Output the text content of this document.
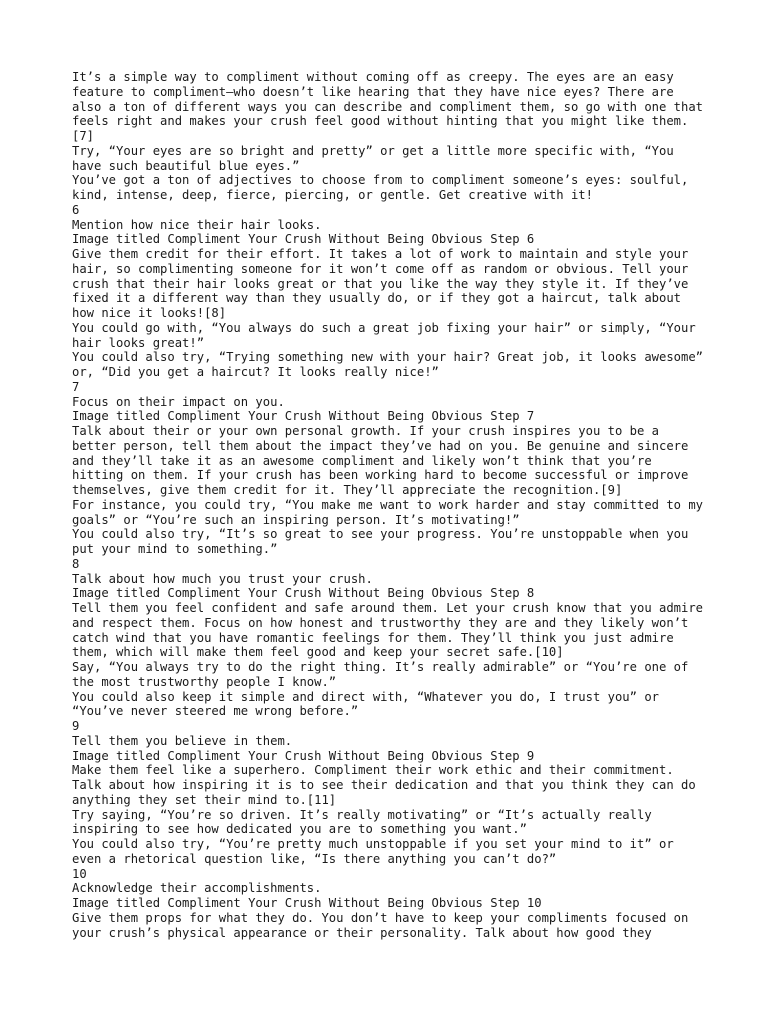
It’s a simple way to compliment without coming off as creepy. The eyes are an easy feature to compliment—who doesn’t like hearing that they have nice eyes? There are also a ton of different ways you can describe and compliment them, so go with one that feels right and makes your crush feel good without hinting that you might like them.[7]

Try, “Your eyes are so bright and pretty” or get a little more specific with, “You have such beautiful blue eyes.”

You’ve got a ton of adjectives to choose from to compliment someone’s eyes: soulful, kind, intense, deep, fierce, piercing, or gentle. Get creative with it!

6

Mention how nice their hair looks.

Image titled Compliment Your Crush Without Being Obvious Step 6

Give them credit for their effort. It takes a lot of work to maintain and style your hair, so complimenting someone for it won’t come off as random or obvious. Tell your crush that their hair looks great or that you like the way they style it. If they’ve fixed it a different way than they usually do, or if they got a haircut, talk about how nice it looks![8]

You could go with, “You always do such a great job fixing your hair” or simply, “Your hair looks great!”

You could also try, “Trying something new with your hair? Great job, it looks awesome” or, “Did you get a haircut? It looks really nice!”

7

Focus on their impact on you.

Image titled Compliment Your Crush Without Being Obvious Step 7

Talk about their or your own personal growth. If your crush inspires you to be a better person, tell them about the impact they’ve had on you. Be genuine and sincere and they’ll take it as an awesome compliment and likely won’t think that you’re hitting on them. If your crush has been working hard to become successful or improve themselves, give them credit for it. They’ll appreciate the recognition.[9]

For instance, you could try, “You make me want to work harder and stay committed to my goals” or “You’re such an inspiring person. It’s motivating!”

You could also try, “It’s so great to see your progress. You’re unstoppable when you put your mind to something.”

8

Talk about how much you trust your crush.

Image titled Compliment Your Crush Without Being Obvious Step 8

Tell them you feel confident and safe around them. Let your crush know that you admire and respect them. Focus on how honest and trustworthy they are and they likely won’t catch wind that you have romantic feelings for them. They’ll think you just admire them, which will make them feel good and keep your secret safe.[10]

Say, “You always try to do the right thing. It’s really admirable” or “You’re one of the most trustworthy people I know.”

You could also keep it simple and direct with, “Whatever you do, I trust you” or “You’ve never steered me wrong before.”

9

Tell them you believe in them.

Image titled Compliment Your Crush Without Being Obvious Step 9

Make them feel like a superhero. Compliment their work ethic and their commitment. Talk about how inspiring it is to see their dedication and that you think they can do anything they set their mind to.[11]

Try saying, “You’re so driven. It’s really motivating” or “It’s actually really inspiring to see how dedicated you are to something you want.”

You could also try, “You’re pretty much unstoppable if you set your mind to it” or even a rhetorical question like, “Is there anything you can’t do?”

10

Acknowledge their accomplishments.

Image titled Compliment Your Crush Without Being Obvious Step 10

Give them props for what they do. You don’t have to keep your compliments focused on your crush’s physical appearance or their personality. Talk about how good they
